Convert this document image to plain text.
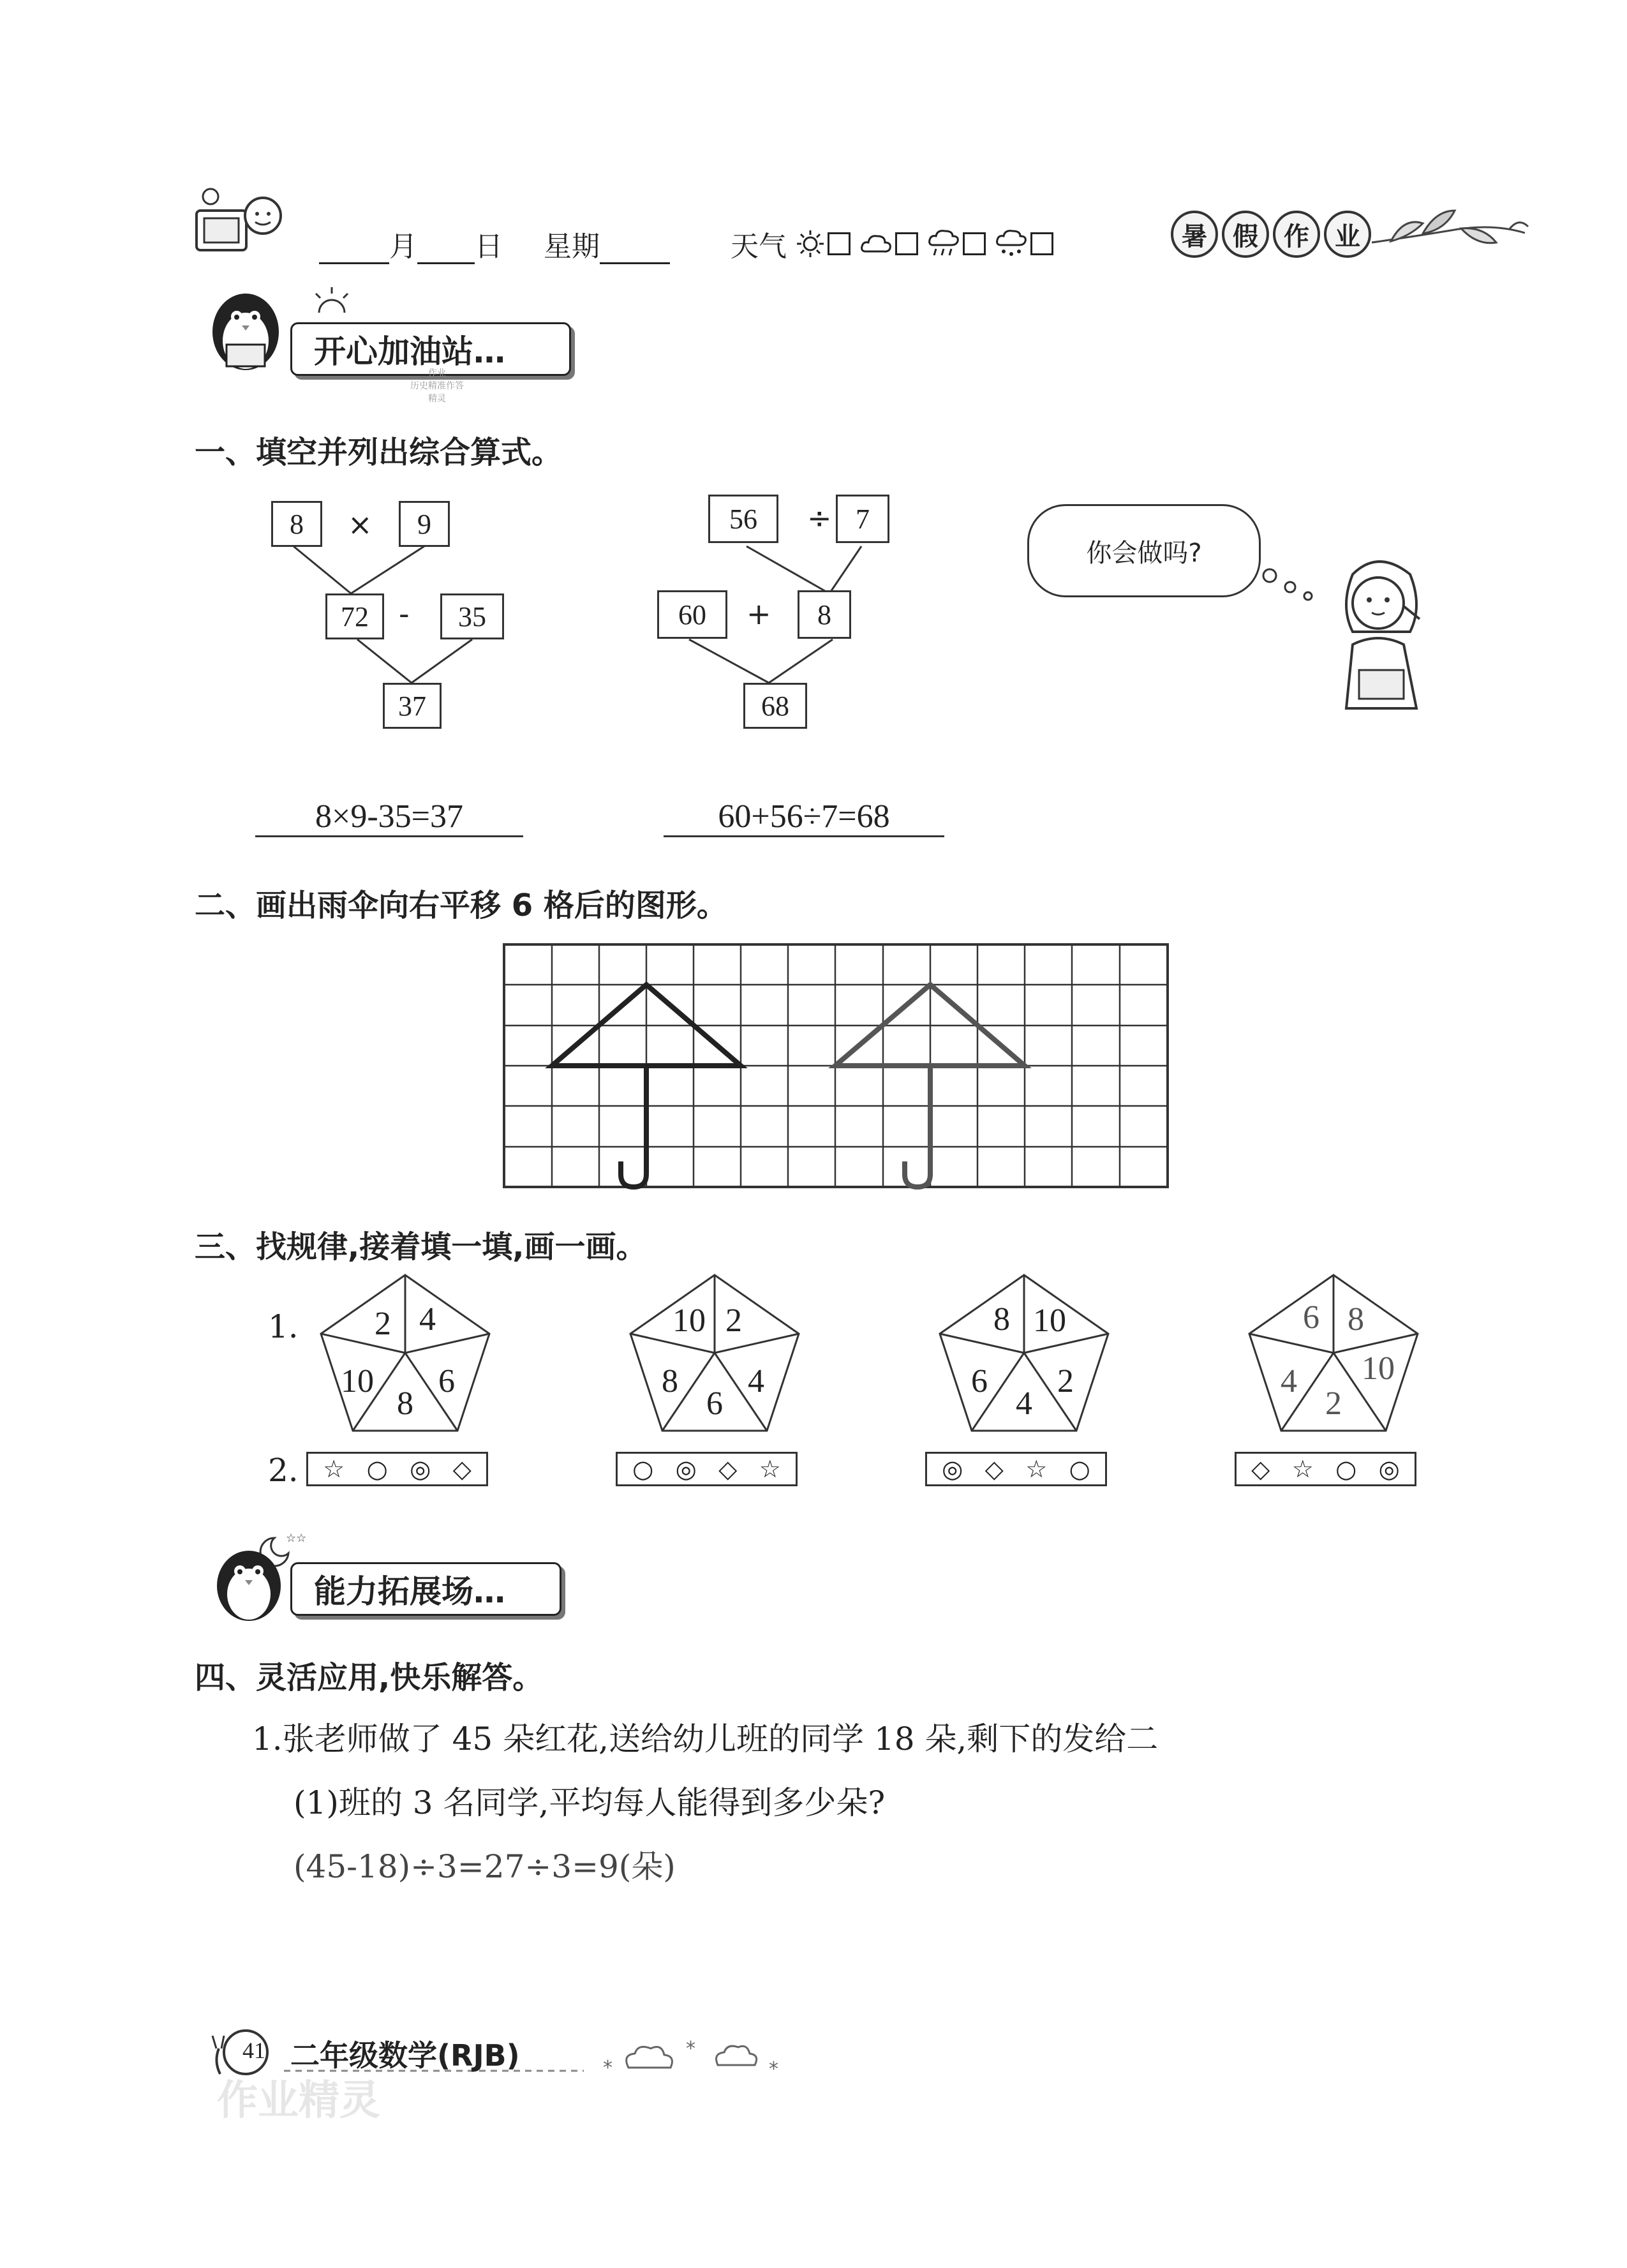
月 日 星期	天气	暑	假	作	业
开心加油站…
作业
历史精准作答
精灵
一、填空并列出综合算式。
8	×	9
72	-	35
37
8×9-35=37
56	÷ 7
60	+	8
68
60+56÷7=68
你会做吗?
二、画出雨伞向右平移 6 格后的图形。
三、找规律,接着填一填,画一画。
1.
2.
2 4
10	6
8
10 2
8	4
6
8 10
6	2
4
6 8
4	10
2
☆ ○ ◎ ◇	○ ◎ ◇ ☆	◎ ◇ ☆ ○	◇ ☆ ○ ◎
☆☆
能力拓展场…
四、灵活应用,快乐解答。
1.张老师做了 45 朵红花,送给幼儿班的同学 18 朵,剩下的发给二
(1)班的 3 名同学,平均每人能得到多少朵?
(45-18)÷3=27÷3=9(朵)
*
*
*
41 二年级数学(RJB)
作业精灵
